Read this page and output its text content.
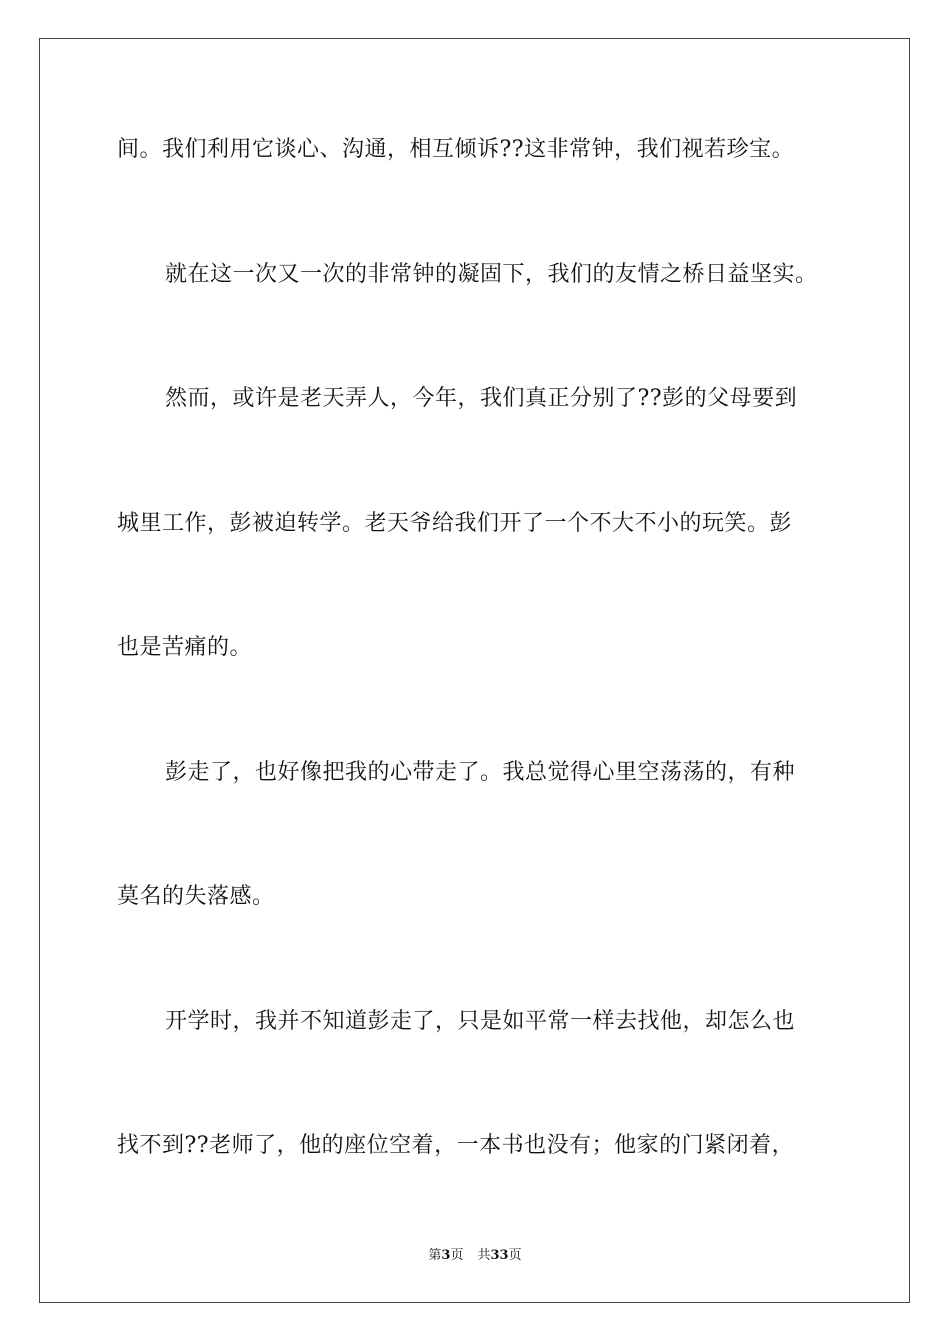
间。我们利用它谈心、沟通，相互倾诉??这非常钟，我们视若珍宝。
就在这一次又一次的非常钟的凝固下，我们的友情之桥日益坚实。
然而，或许是老天弄人，今年，我们真正分别了??彭的父母要到
城里工作，彭被迫转学。老天爷给我们开了一个不大不小的玩笑。彭
也是苦痛的。
彭走了，也好像把我的心带走了。我总觉得心里空荡荡的，有种
莫名的失落感。
开学时，我并不知道彭走了，只是如平常一样去找他，却怎么也
找不到??老师了，他的座位空着，一本书也没有；他家的门紧闭着，
第3页 共33页
